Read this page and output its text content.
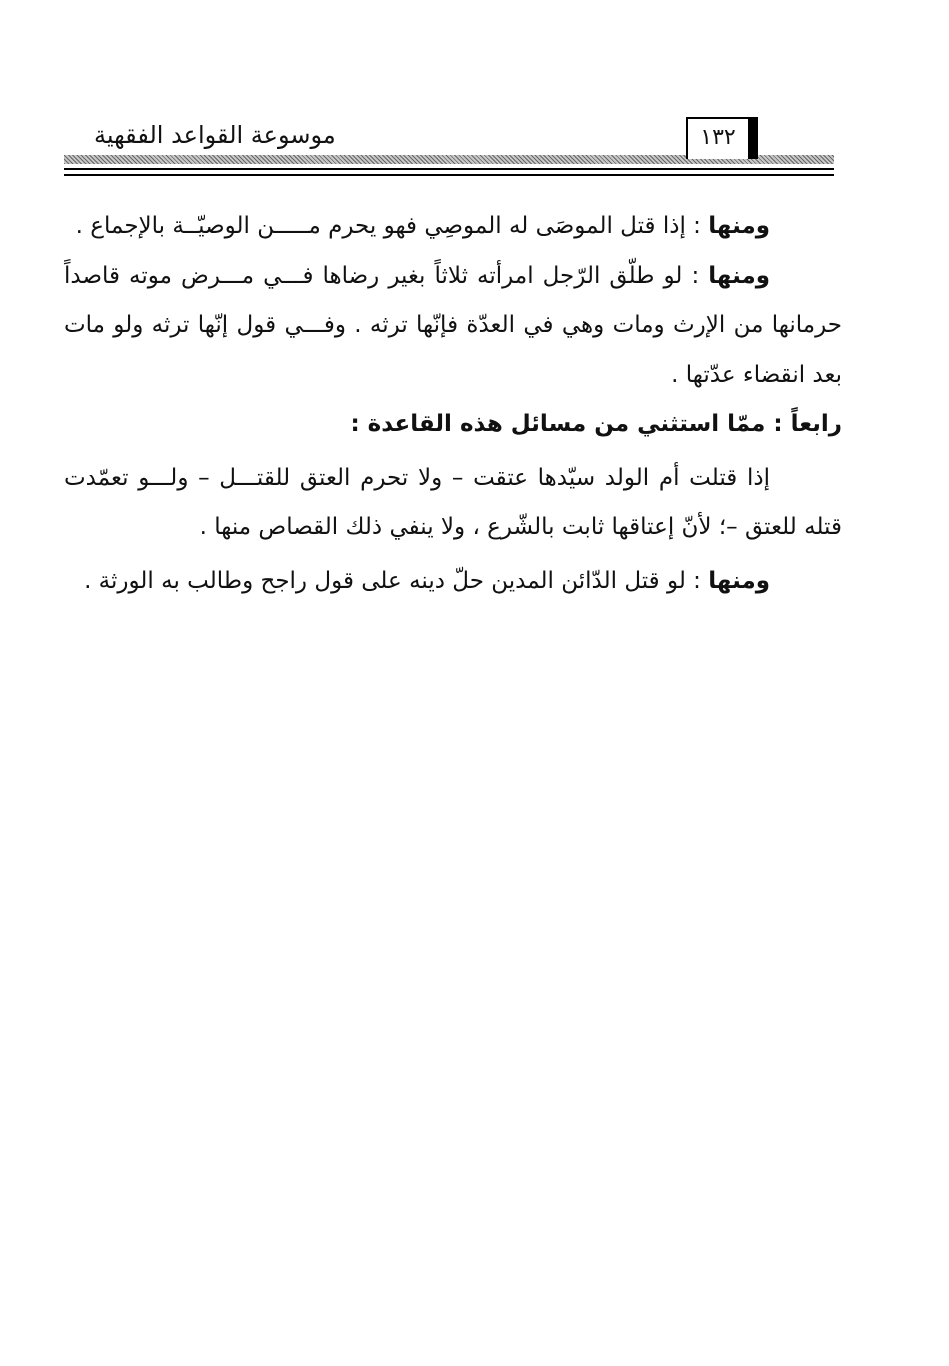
موسوعة القواعد الفقهية	١٣٢

ومنها : إذا قتل الموصَى له الموصِي فهو يحرم مـــــن الوصيّــة بالإجماع .

ومنها : لو طلّق الرّجل امرأته ثلاثاً بغير رضاها فـــي مـــرض موته قاصداً حرمانها من الإرث ومات وهي في العدّة فإنّها ترثه . وفـــي قول إنّها ترثه ولو مات بعد انقضاء عدّتها .

رابعاً : ممّا استثني من مسائل هذه القاعدة :

إذا قتلت أم الولد سيّدها عتقت – ولا تحرم العتق للقتـــل – ولـــو تعمّدت قتله للعتق –؛ لأنّ إعتاقها ثابت بالشّرع ، ولا ينفي ذلك القصاص منها .

ومنها : لو قتل الدّائن المدين حلّ دينه على قول راجح وطالب به الورثة .
